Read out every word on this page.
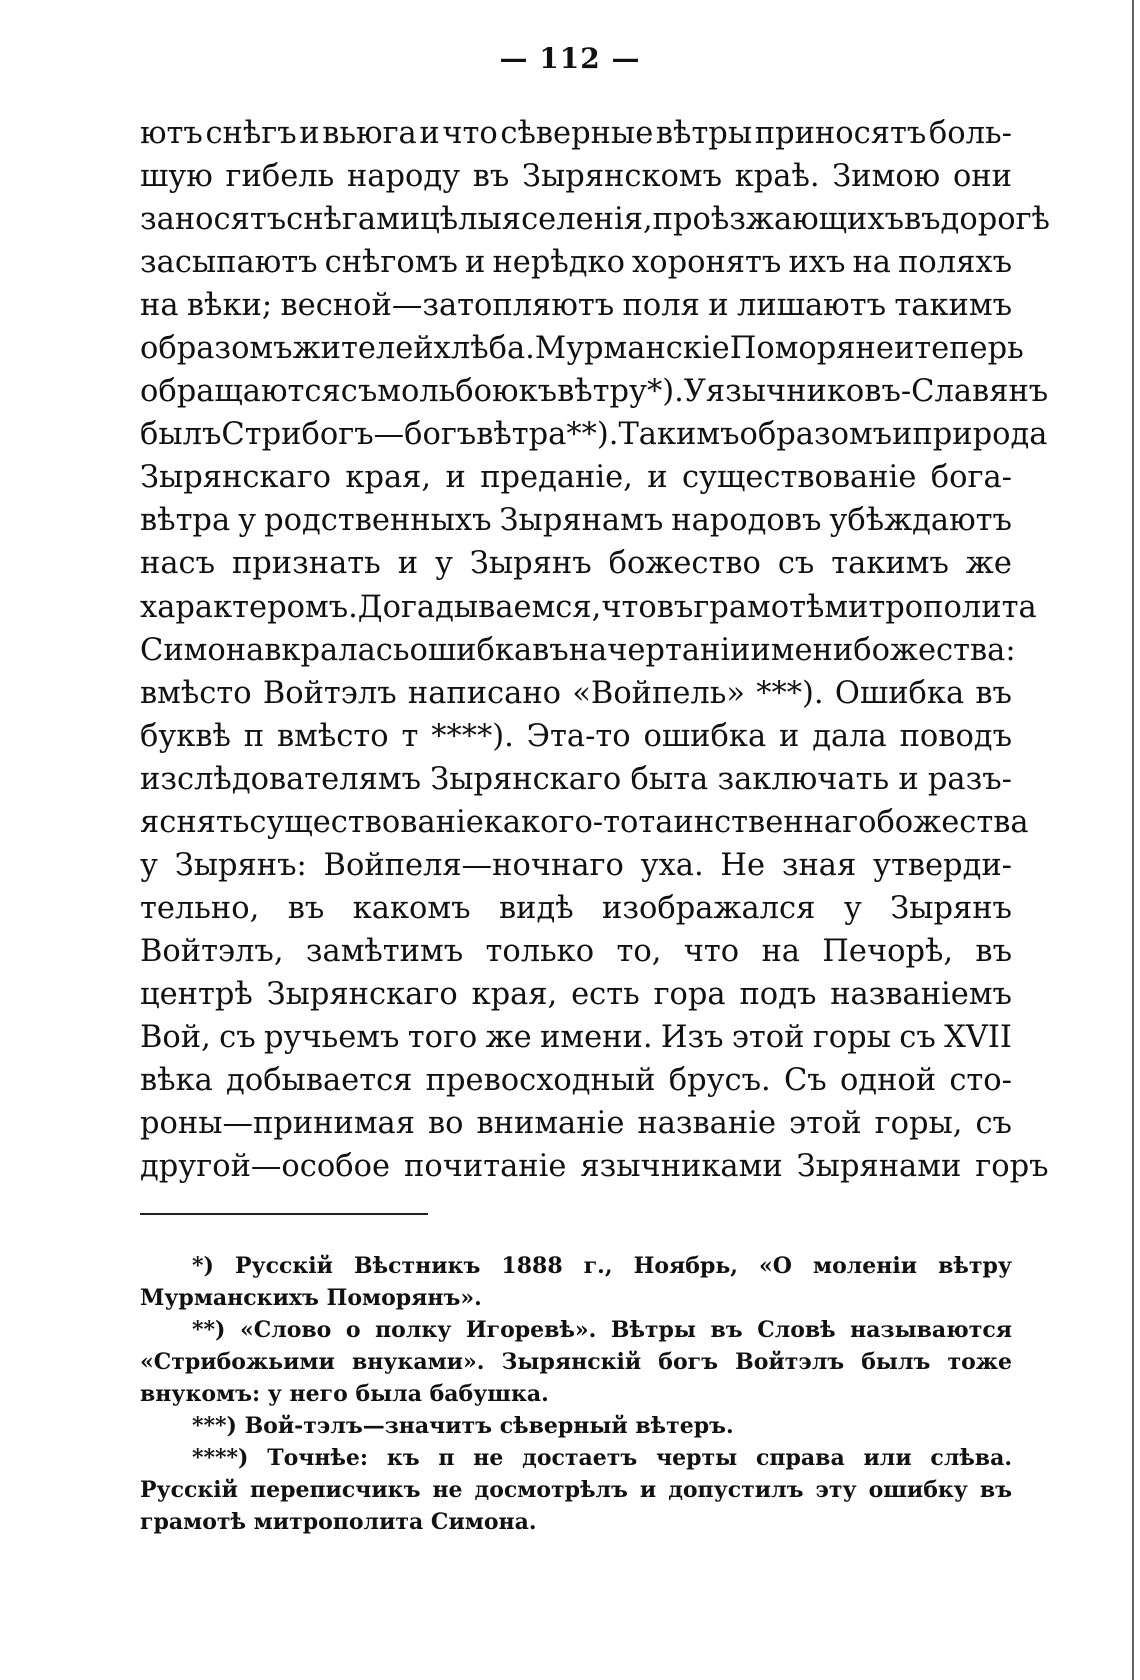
— 112 —
ютъ снѣгъ и вьюга и что сѣверные вѣтры приносятъ боль-
шую гибель народу въ Зырянскомъ краѣ. Зимою они
заносятъ снѣгами цѣлыя селенія, проѣзжающихъ въ дорогѣ
засыпаютъ снѣгомъ и нерѣдко хоронятъ ихъ на поляхъ
на вѣки; весной—затопляютъ поля и лишаютъ такимъ
образомъ жителей хлѣба. Мурманскіе Поморяне и теперь
обращаются съ мольбою къ вѣтру*). У язычниковъ-Славянъ
былъ Стрибогъ—богъ вѣтра**). Такимъ образомъ и природа
Зырянскаго края, и преданіе, и существованіе бога-
вѣтра у родственныхъ Зырянамъ народовъ убѣждаютъ
насъ признать и у Зырянъ божество съ такимъ же
характеромъ. Догадываемся, что въ грамотѣ митрополита
Симона вкралась ошибка въ начертаніи имени божества:
вмѣсто Войтэлъ написано «Войпель» ***). Ошибка въ
буквѣ п вмѣсто т ****). Эта-то ошибка и дала поводъ
изслѣдователямъ Зырянскаго быта заключать и разъ-
яснять существованіе какого-то таинственнаго божества
у Зырянъ: Войпеля—ночнаго уха. Не зная утверди-
тельно, въ какомъ видѣ изображался у Зырянъ
Войтэлъ, замѣтимъ только то, что на Печорѣ, въ
центрѣ Зырянскаго края, есть гора подъ названіемъ
Вой, съ ручьемъ того же имени. Изъ этой горы съ XVII
вѣка добывается превосходный брусъ. Съ одной сто-
роны—принимая во вниманіе названіе этой горы, съ
другой—особое почитаніе язычниками Зырянами горъ
*) Русскій Вѣстникъ 1888 г., Ноябрь, «О моленіи вѣтру Мурманскихъ Поморянъ».
**) «Слово о полку Игоревѣ». Вѣтры въ Словѣ называются «Стрибожьими внуками». Зырянскій богъ Войтэлъ былъ тоже внукомъ: у него была бабушка.
***) Вой-тэлъ—значитъ сѣверный вѣтеръ.
****) Точнѣе: къ п не достаетъ черты справа или слѣва. Русскій переписчикъ не досмотрѣлъ и допустилъ эту ошибку въ грамотѣ митрополита Симона.
